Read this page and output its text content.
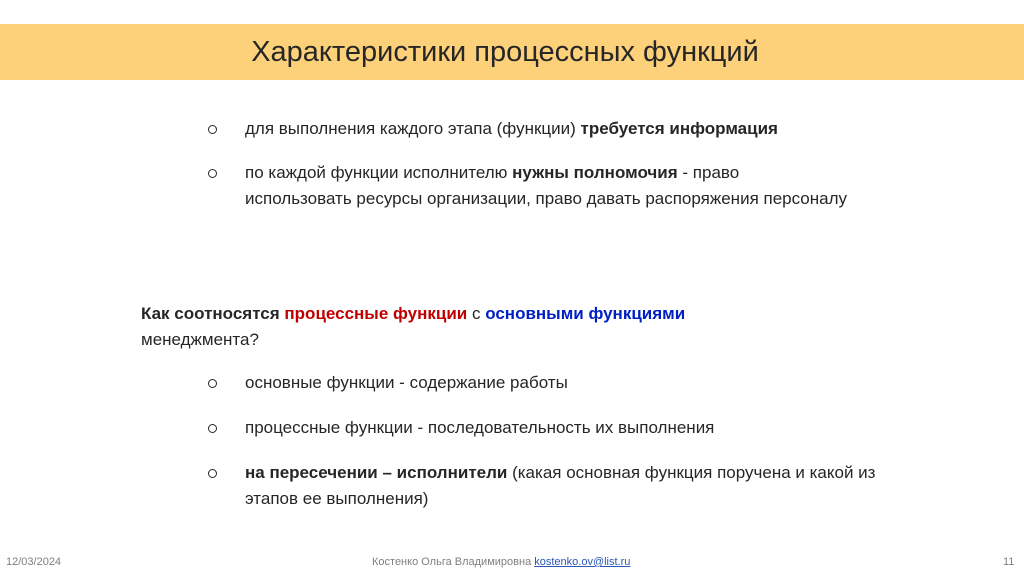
Характеристики процессных функций
для выполнения каждого этапа (функции) требуется информация
по каждой функции исполнителю нужны полномочия - право использовать ресурсы организации, право давать распоряжения персоналу
Как соотносятся процессные функции с основными функциями менеджмента?
основные функции - содержание работы
процессные функции - последовательность их выполнения
на пересечении – исполнители (какая основная функция поручена и какой из этапов ее выполнения)
12/03/2024	Костенко Ольга Владимировна kostenko.ov@list.ru	11
